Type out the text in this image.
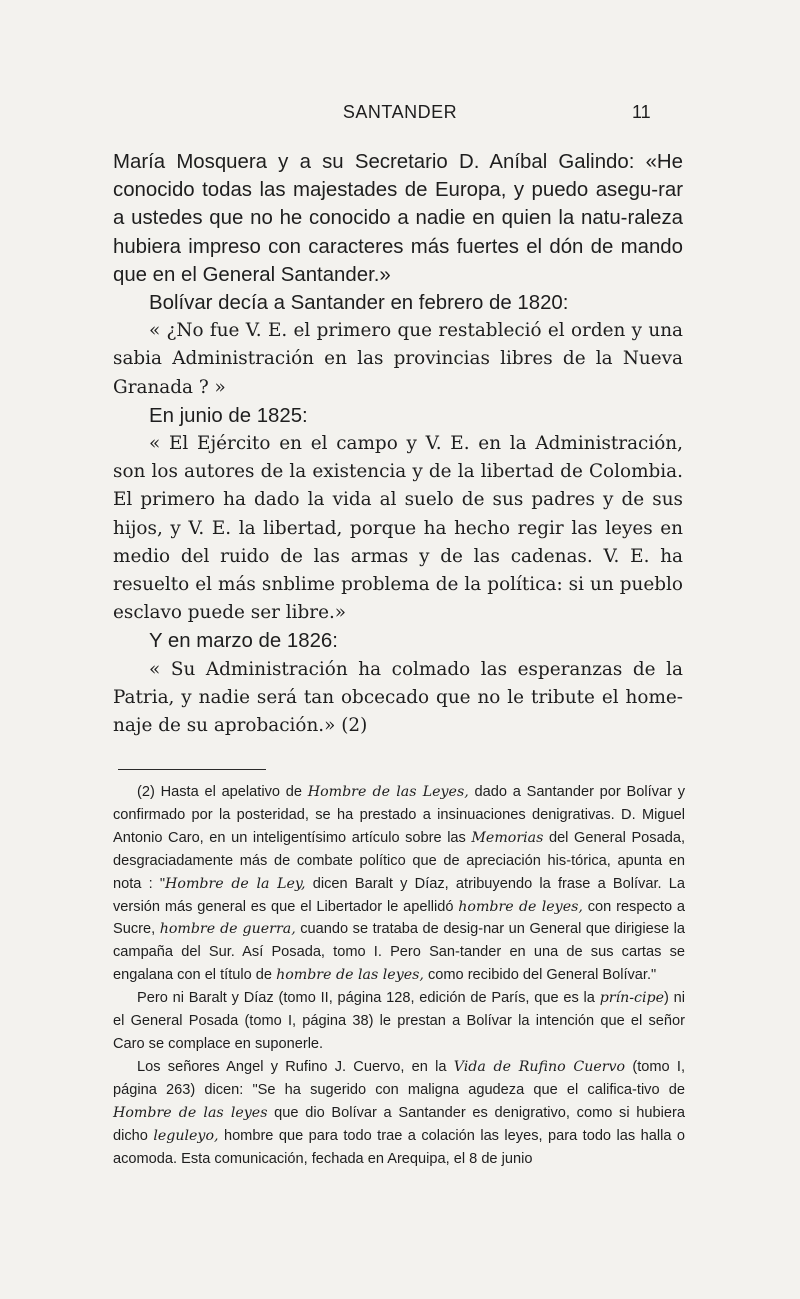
SANTANDER	11

María Mosquera y a su Secretario D. Aníbal Galindo: «He conocido todas las majestades de Europa, y puedo asegu-rar a ustedes que no he conocido a nadie en quien la natu-raleza hubiera impreso con caracteres más fuertes el dón de mando que en el General Santander.»

Bolívar decía a Santander en febrero de 1820:

« ¿No fue V. E. el primero que restableció el orden y una sabia Administración en las provincias libres de la Nueva Granada ? »

En junio de 1825:

« El Ejército en el campo y V. E. en la Administración, son los autores de la existencia y de la libertad de Colombia. El primero ha dado la vida al suelo de sus padres y de sus hijos, y V. E. la libertad, porque ha hecho regir las leyes en medio del ruido de las armas y de las cadenas. V. E. ha resuelto el más snblime problema de la política: si un pueblo esclavo puede ser libre.»

Y en marzo de 1826:

« Su Administración ha colmado las esperanzas de la Patria, y nadie será tan obcecado que no le tribute el home-naje de su aprobación.» (2)

(2) Hasta el apelativo de Hombre de las Leyes, dado a Santander por Bolívar y confirmado por la posteridad, se ha prestado a insinuaciones denigrativas. D. Miguel Antonio Caro, en un inteligentísimo artículo sobre las Memorias del General Posada, desgraciadamente más de combate político que de apreciación his-tórica, apunta en nota : "Hombre de la Ley, dicen Baralt y Díaz, atribuyendo la frase a Bolívar. La versión más general es que el Libertador le apellidó hombre de leyes, con respecto a Sucre, hombre de guerra, cuando se trataba de desig-nar un General que dirigiese la campaña del Sur. Así Posada, tomo I. Pero San-tander en una de sus cartas se engalana con el título de hombre de las leyes, como recibido del General Bolívar."

Pero ni Baralt y Díaz (tomo II, página 128, edición de París, que es la prín-cipe) ni el General Posada (tomo I, página 38) le prestan a Bolívar la intención que el señor Caro se complace en suponerle.

Los señores Angel y Rufino J. Cuervo, en la Vida de Rufino Cuervo (tomo I, página 263) dicen: "Se ha sugerido con maligna agudeza que el califica-tivo de Hombre de las leyes que dio Bolívar a Santander es denigrativo, como si hubiera dicho leguleyo, hombre que para todo trae a colación las leyes, para todo las halla o acomoda. Esta comunicación, fechada en Arequipa, el 8 de junio
